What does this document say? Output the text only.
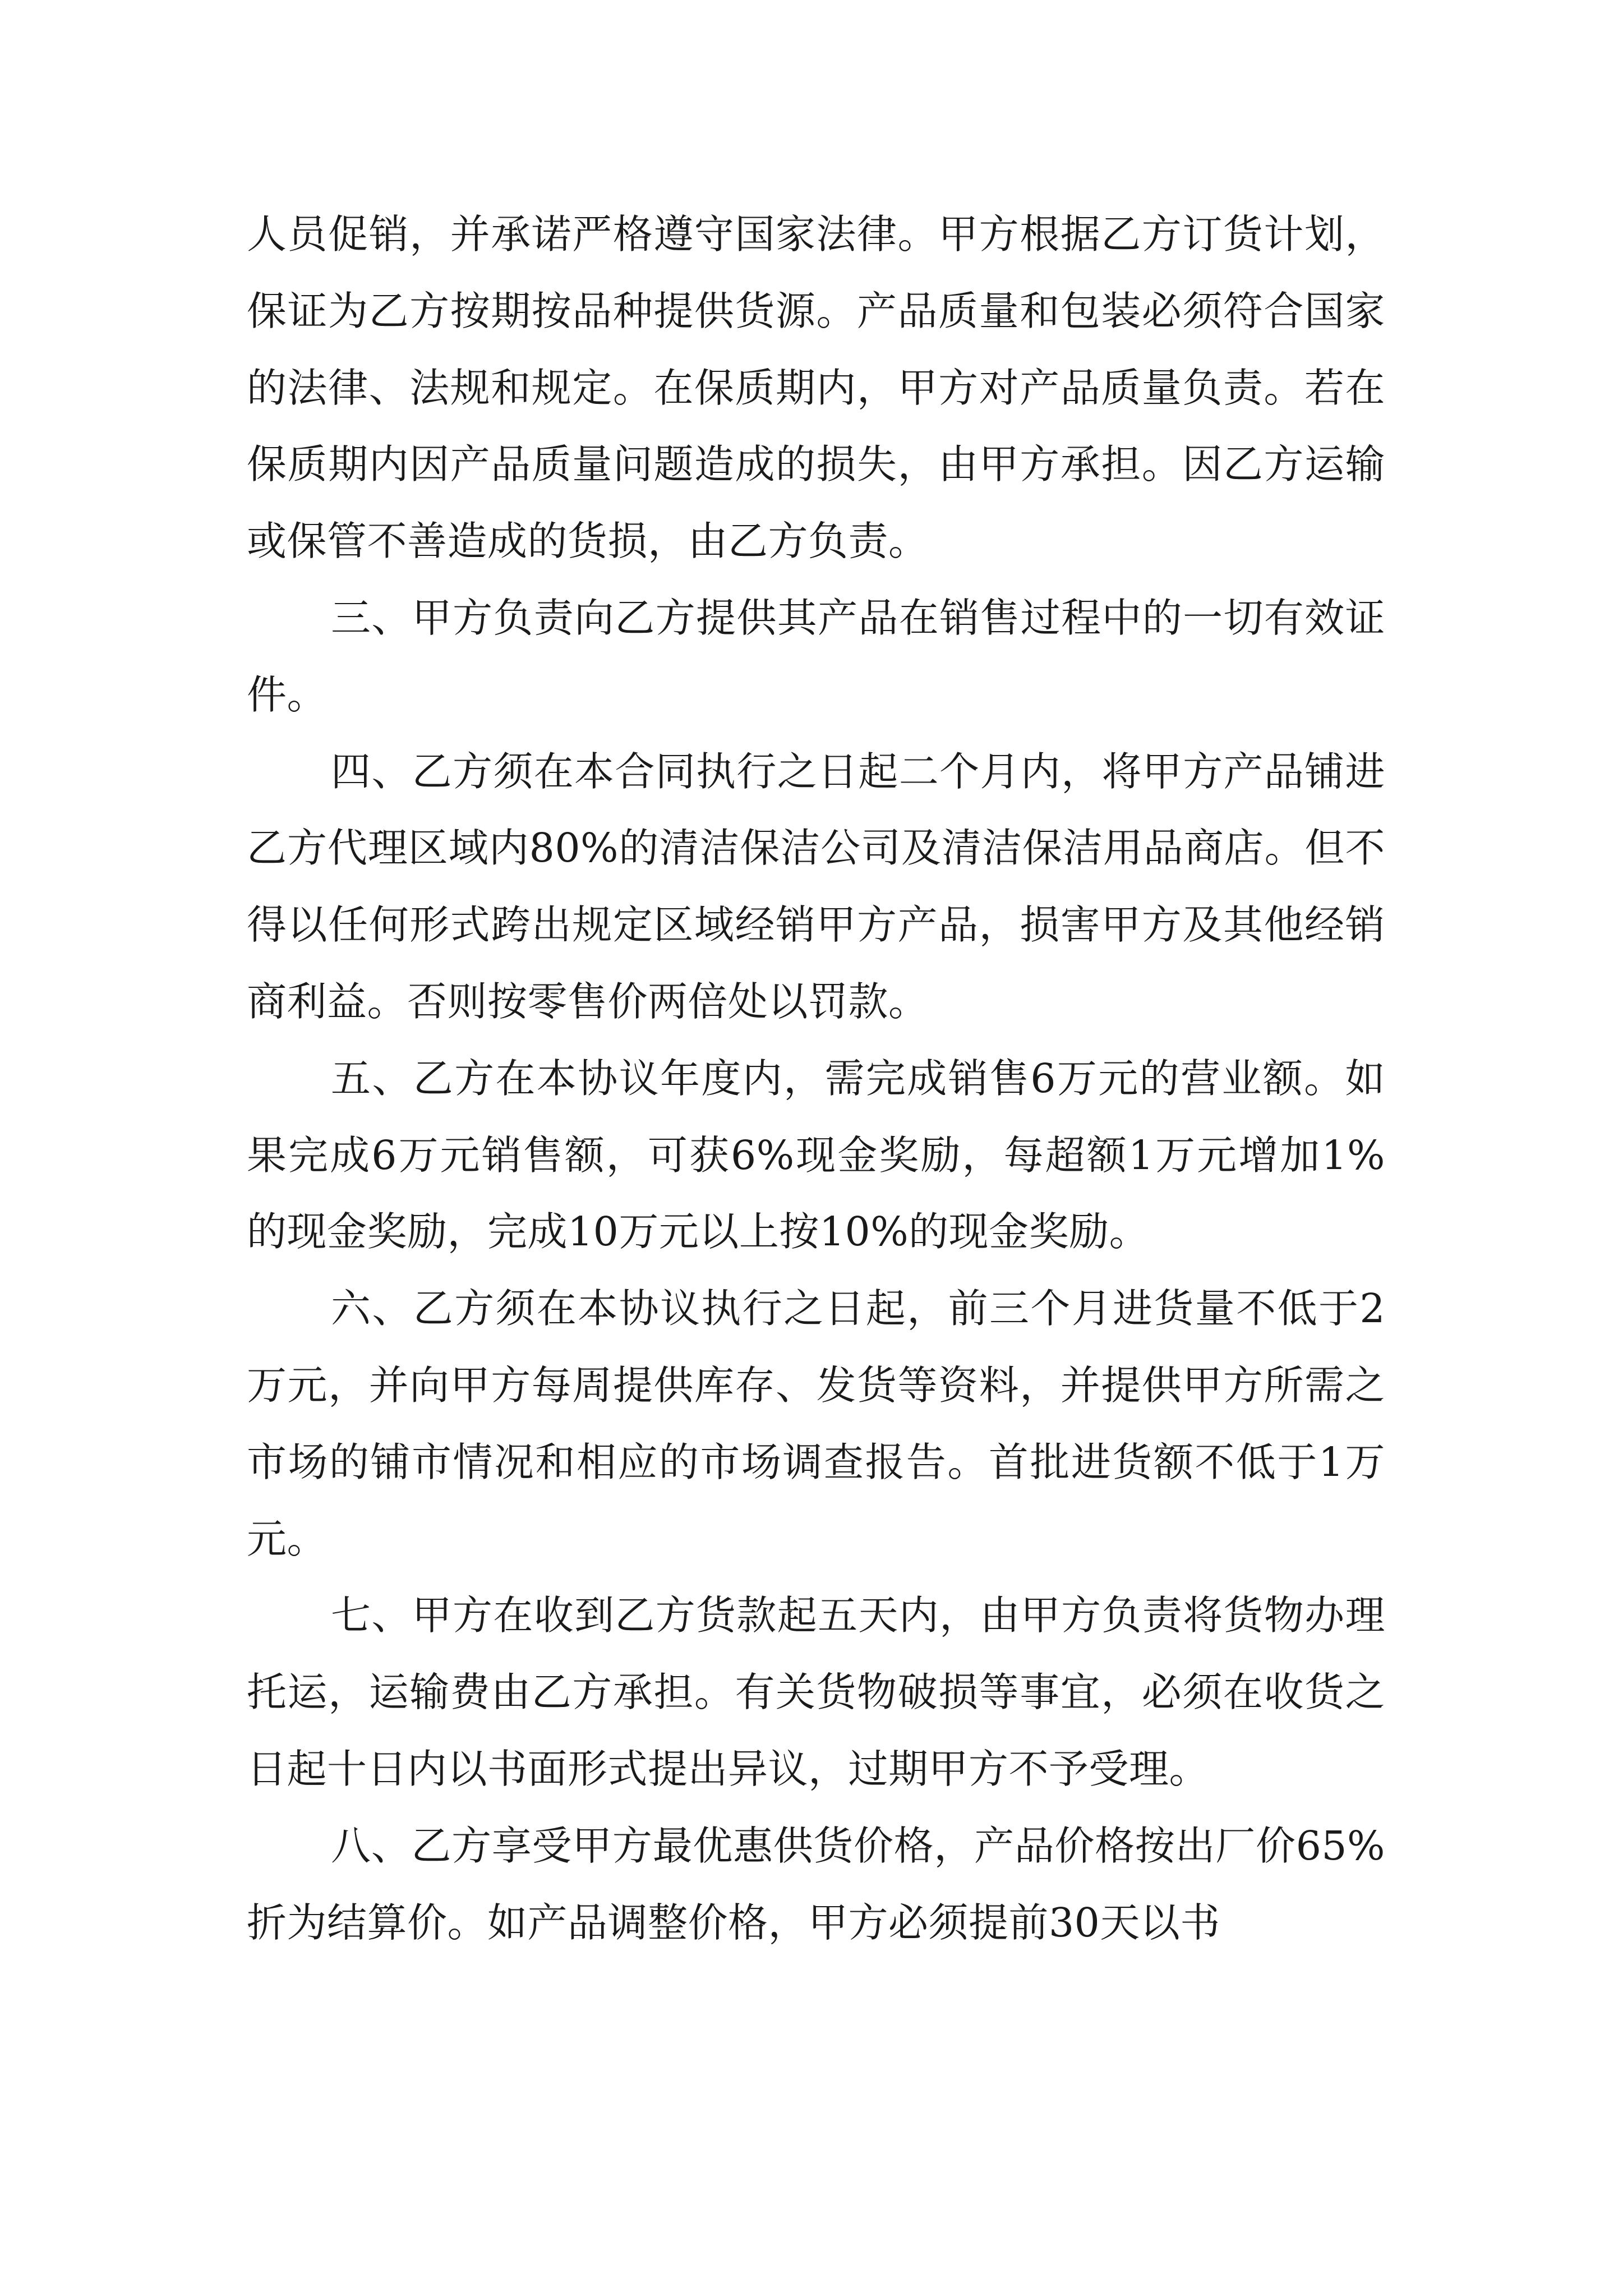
人员促销，并承诺严格遵守国家法律。甲方根据乙方订货计划，保证为乙方按期按品种提供货源。产品质量和包装必须符合国家的法律、法规和规定。在保质期内，甲方对产品质量负责。若在保质期内因产品质量问题造成的损失，由甲方承担。因乙方运输或保管不善造成的货损，由乙方负责。

三、甲方负责向乙方提供其产品在销售过程中的一切有效证件。

四、乙方须在本合同执行之日起二个月内，将甲方产品铺进乙方代理区域内80%的清洁保洁公司及清洁保洁用品商店。但不得以任何形式跨出规定区域经销甲方产品，损害甲方及其他经销商利益。否则按零售价两倍处以罚款。

五、乙方在本协议年度内，需完成销售6万元的营业额。如果完成6万元销售额，可获6%现金奖励，每超额1万元增加1%的现金奖励，完成10万元以上按10%的现金奖励。

六、乙方须在本协议执行之日起，前三个月进货量不低于2万元，并向甲方每周提供库存、发货等资料，并提供甲方所需之市场的铺市情况和相应的市场调查报告。首批进货额不低于1万元。

七、甲方在收到乙方货款起五天内，由甲方负责将货物办理托运，运输费由乙方承担。有关货物破损等事宜，必须在收货之日起十日内以书面形式提出异议，过期甲方不予受理。

八、乙方享受甲方最优惠供货价格，产品价格按出厂价65%折为结算价。如产品调整价格，甲方必须提前30天以书
